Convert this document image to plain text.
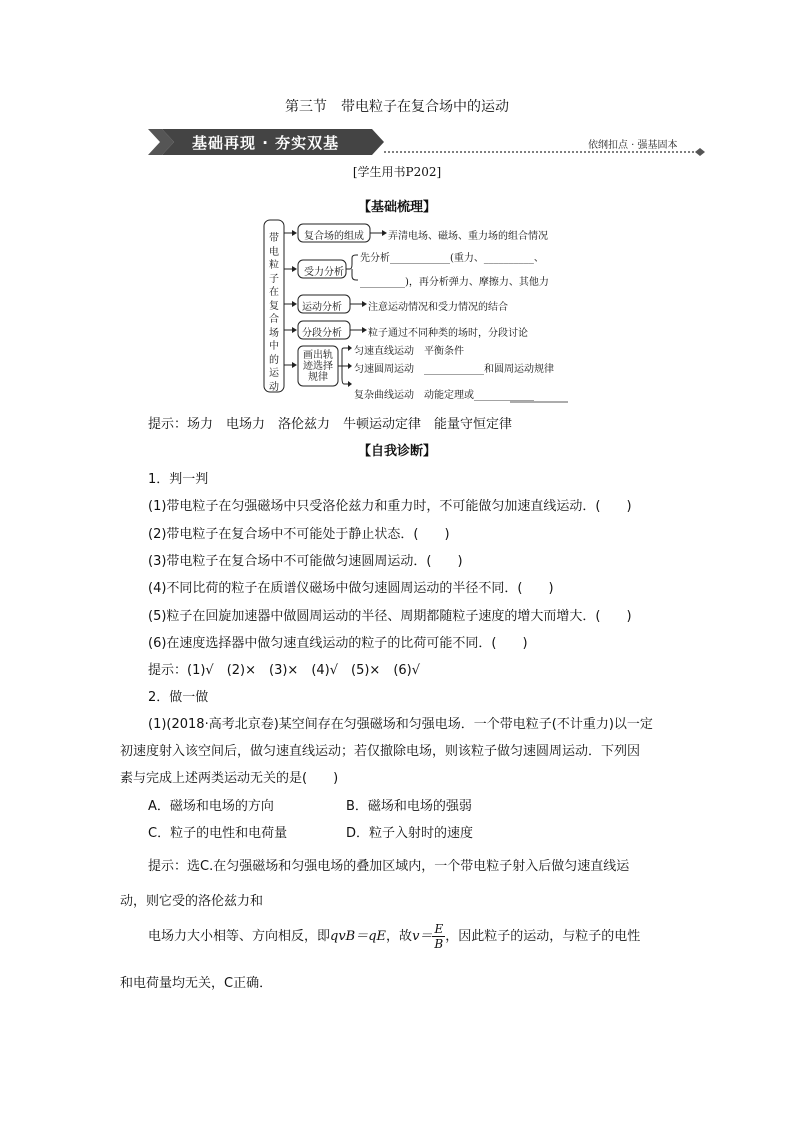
第三节　带电粒子在复合场中的运动
基础再现 · 夯实双基	依纲扣点 · 强基固本
[学生用书P202]
【基础梳理】
带电粒子在复合场中的运动
复合场的组成 弄清电场、磁场、重力场的组合情况
受力分析
先分析____________(重力、__________、
_________)，再分析弹力、摩擦力、其他力
运动分析	注意运动情况和受力情况的结合
分段分析	粒子通过不同种类的场时，分段讨论
画出轨迹选择规律
匀速直线运动　平衡条件
匀速圆周运动　____________和圆周运动规律
复杂曲线运动　动能定理或____________
提示：场力　电场力　洛伦兹力　牛顿运动定律　能量守恒定律
【自我诊断】
1．判一判
(1)带电粒子在匀强磁场中只受洛伦兹力和重力时，不可能做匀加速直线运动．(　　)
(2)带电粒子在复合场中不可能处于静止状态．(　　)
(3)带电粒子在复合场中不可能做匀速圆周运动．(　　)
(4)不同比荷的粒子在质谱仪磁场中做匀速圆周运动的半径不同．(　　)
(5)粒子在回旋加速器中做圆周运动的半径、周期都随粒子速度的增大而增大．(　　)
(6)在速度选择器中做匀速直线运动的粒子的比荷可能不同．(　　)
提示：(1)√　(2)×　(3)×　(4)√　(5)×　(6)√
2．做一做
(1)(2018·高考北京卷)某空间存在匀强磁场和匀强电场．一个带电粒子(不计重力)以一定
初速度射入该空间后，做匀速直线运动；若仅撤除电场，则该粒子做匀速圆周运动．下列因
素与完成上述两类运动无关的是(　　)
A．磁场和电场的方向	B．磁场和电场的强弱
C．粒子的电性和电荷量	D．粒子入射时的速度
提示：选C.在匀强磁场和匀强电场的叠加区域内，一个带电粒子射入后做匀速直线运
动，则它受的洛伦兹力和
电场力大小相等、方向相反，即qvB＝qE，故$v= \frac{E}{B}$ ，因此粒子的运动，与粒子的电性
和电荷量均无关，C正确．
